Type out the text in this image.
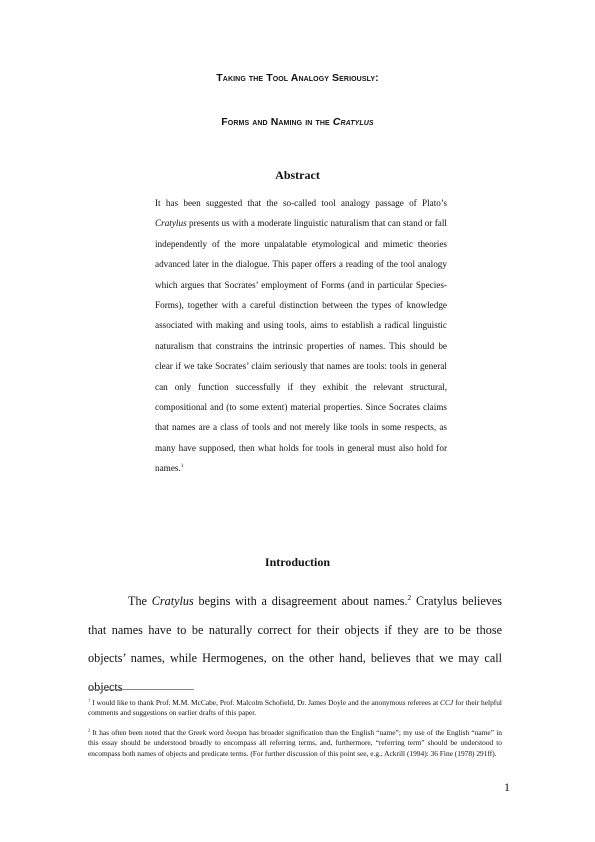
Taking the Tool Analogy Seriously:
Forms and Naming in the Cratylus
Abstract

It has been suggested that the so-called tool analogy passage of Plato’s Cratylus presents us with a moderate linguistic naturalism that can stand or fall independently of the more unpalatable etymological and mimetic theories advanced later in the dialogue. This paper offers a reading of the tool analogy which argues that Socrates’ employment of Forms (and in particular Species-Forms), together with a careful distinction between the types of knowledge associated with making and using tools, aims to establish a radical linguistic naturalism that constrains the intrinsic properties of names. This should be clear if we take Socrates’ claim seriously that names are tools: tools in general can only function successfully if they exhibit the relevant structural, compositional and (to some extent) material properties. Since Socrates claims that names are a class of tools and not merely like tools in some respects, as many have supposed, then what holds for tools in general must also hold for names.$^1$

Introduction

The Cratylus begins with a disagreement about names.$^2$ Cratylus believes that names have to be naturally correct for their objects if they are to be those objects’ names, while Hermogenes, on the other hand, believes that we may call objects

$^1$ I would like to thank Prof. M.M. McCabe, Prof. Malcolm Schofield, Dr. James Doyle and the anonymous referees at CCJ for their helpful comments and suggestions on earlier drafts of this paper.

$^2$ It has often been noted that the Greek word ὄνομα has broader signification than the English “name”; my use of the English “name” in this essay should be understood broadly to encompass all referring terms, and, furthermore, “referring term” should be understood to encompass both names of objects and predicate terms. (For further discussion of this point see, e.g., Ackrill (1994): 36 Fine (1978) 291ff).

1
